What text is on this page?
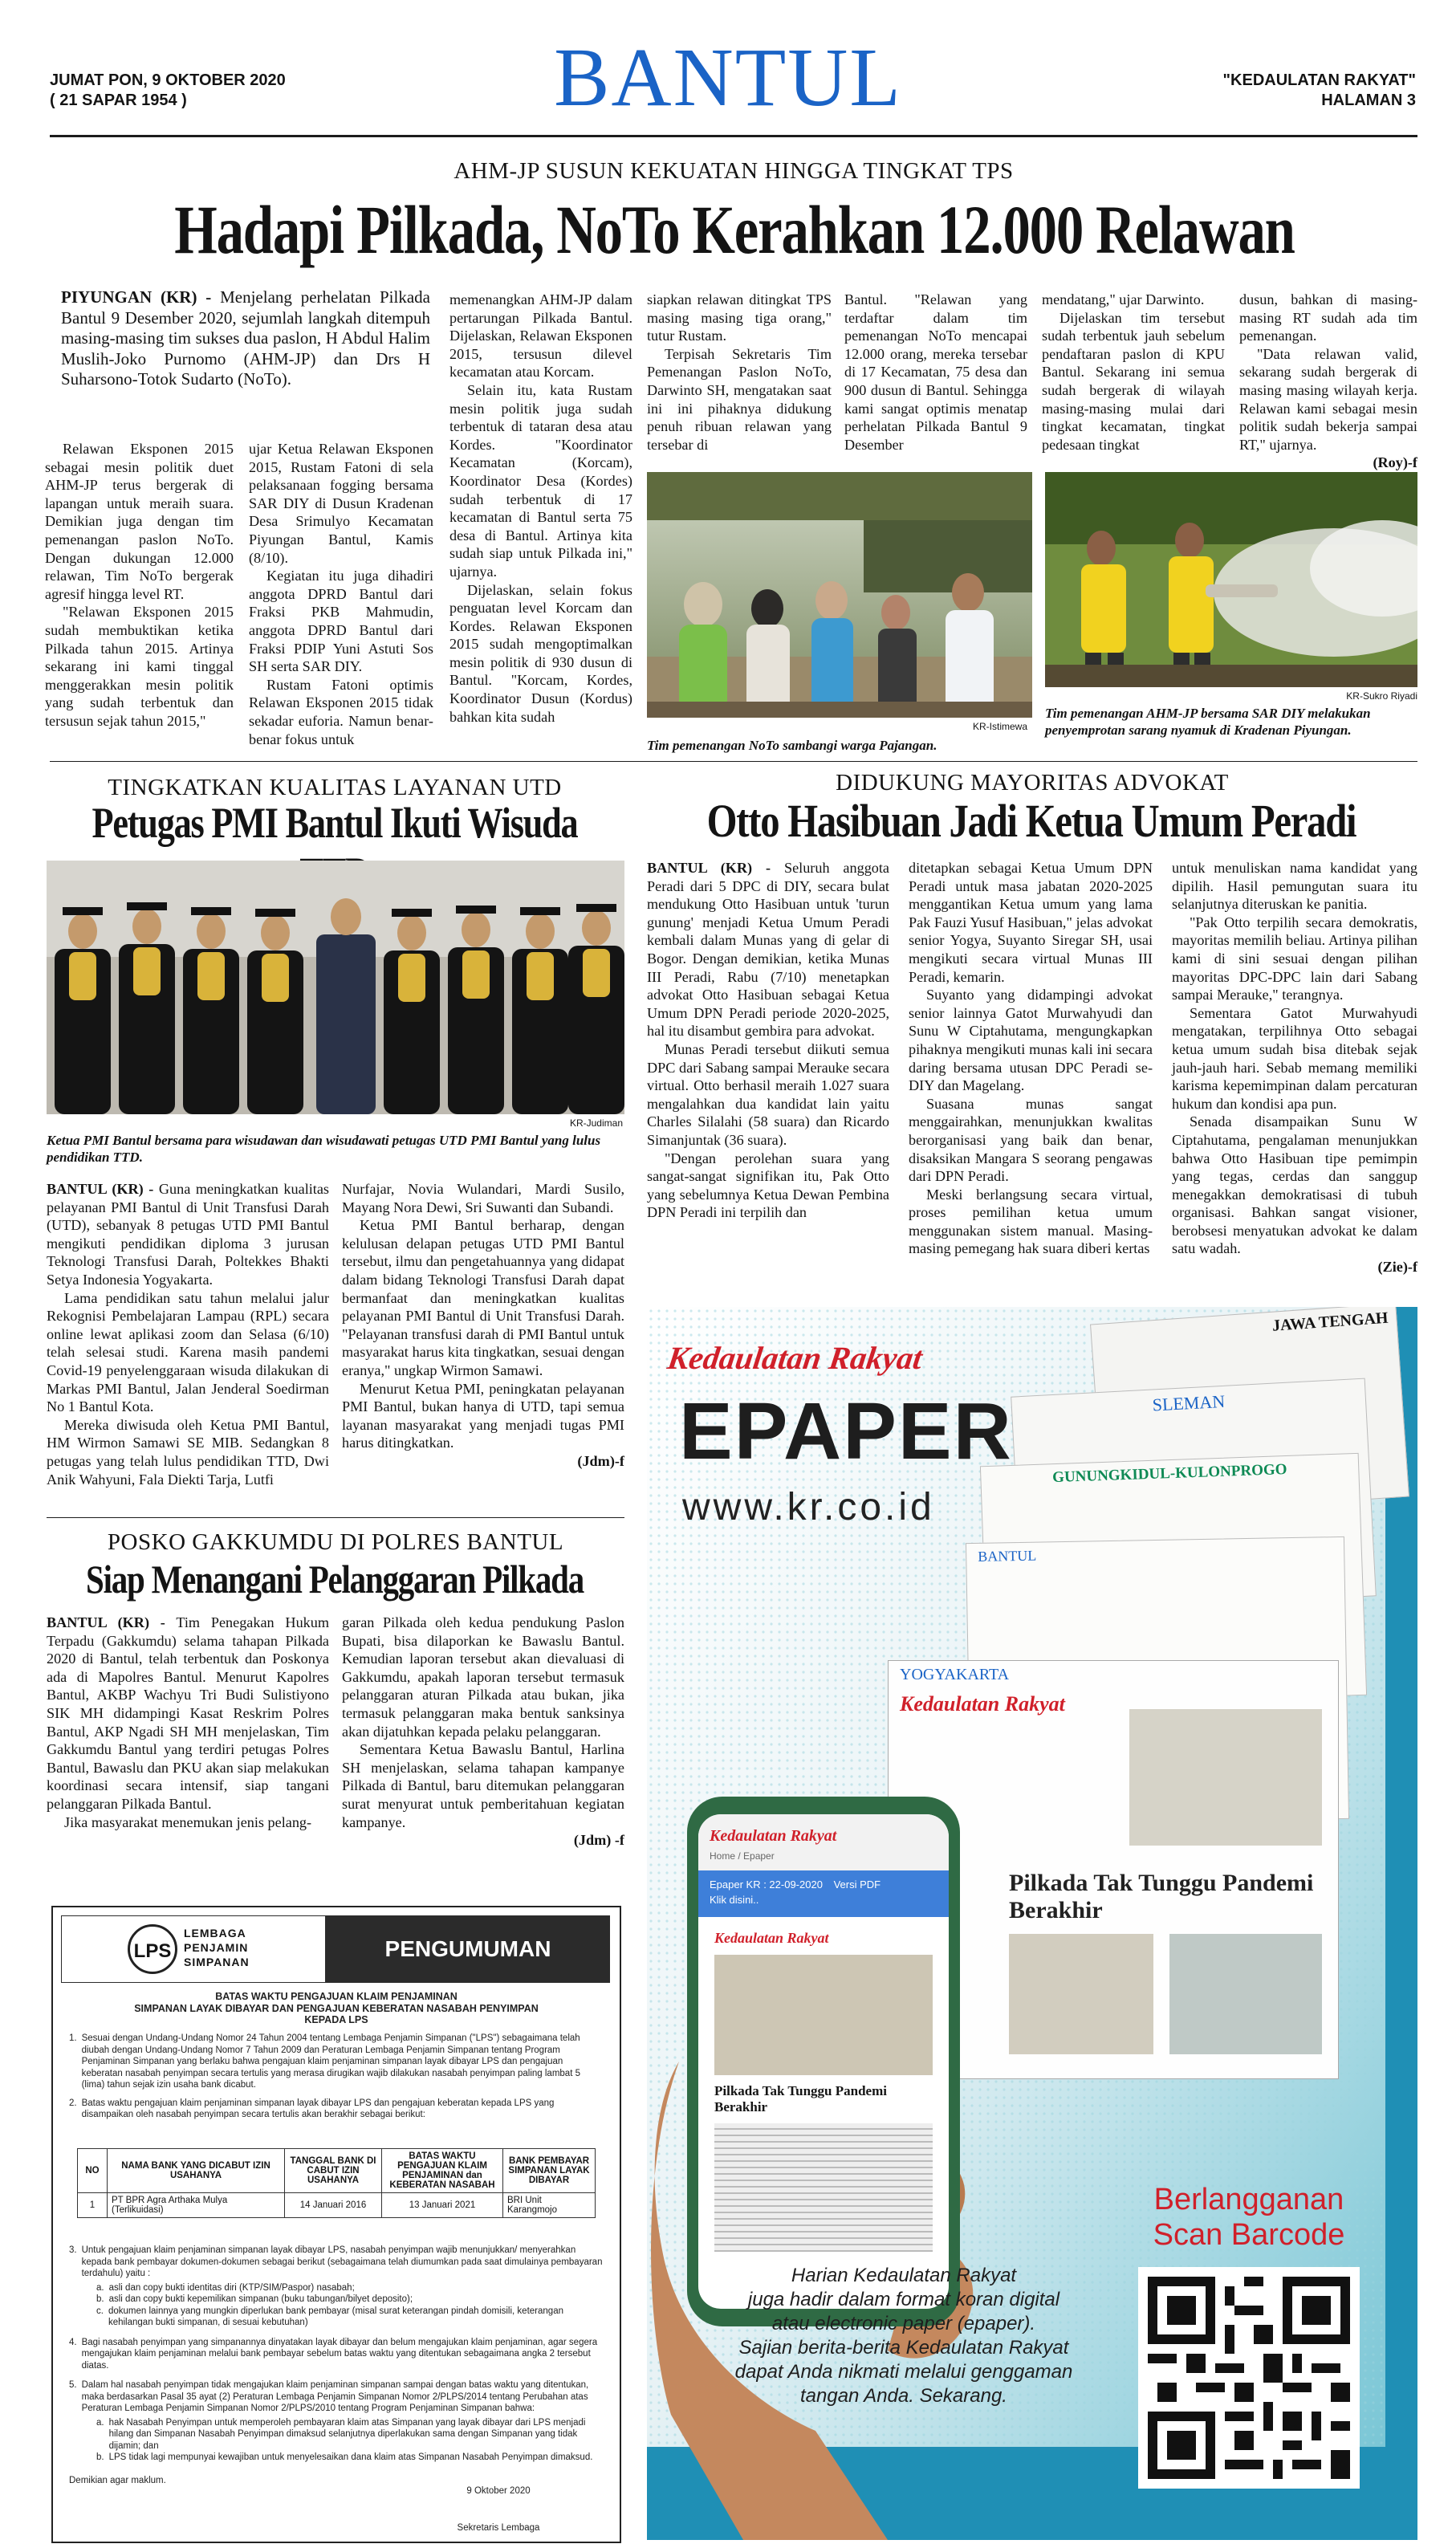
JUMAT PON, 9 OKTOBER 2020
( 21 SAPAR 1954 )	BANTUL	"KEDAULATAN RAKYAT"
HALAMAN 3
AHM-JP SUSUN KEKUATAN HINGGA TINGKAT TPS
Hadapi Pilkada, NoTo Kerahkan 12.000 Relawan
PIYUNGAN (KR) - Menjelang perhelatan Pilkada Bantul 9 Desember 2020, sejumlah langkah ditempuh masing-masing tim sukses dua paslon, H Abdul Halim Muslih-Joko Purnomo (AHM-JP) dan Drs H Suharsono-Totok Sudarto (NoTo).

Relawan Eksponen 2015 sebagai mesin politik duet AHM-JP terus bergerak di lapangan untuk meraih suara. Demikian juga dengan tim pemenangan paslon NoTo. Dengan dukungan 12.000 relawan, Tim NoTo bergerak agresif hingga level RT.

"Relawan Eksponen 2015 sudah membuktikan ketika Pilkada tahun 2015. Artinya sekarang ini kami tinggal menggerakkan mesin politik yang sudah terbentuk dan tersusun sejak tahun 2015,"

ujar Ketua Relawan Eksponen 2015, Rustam Fatoni di sela pelaksanaan fogging bersama SAR DIY di Dusun Kradenan Desa Srimulyo Kecamatan Piyungan Bantul, Kamis (8/10).

Kegiatan itu juga dihadiri anggota DPRD Bantul dari Fraksi PKB Mahmudin, anggota DPRD Bantul dari Fraksi PDIP Yuni Astuti Sos SH serta SAR DIY.

Rustam Fatoni optimis Relawan Eksponen 2015 tidak sekadar euforia. Namun benar-benar fokus untuk

memenangkan AHM-JP dalam pertarungan Pilkada Bantul. Dijelaskan, Relawan Eksponen 2015, tersusun dilevel kecamatan atau Korcam.

Selain itu, kata Rustam mesin politik juga sudah terbentuk di tataran desa atau Kordes. "Koordinator Kecamatan (Korcam), Koordinator Desa (Kordes) sudah terbentuk di 17 kecamatan di Bantul serta 75 desa di Bantul. Artinya kita sudah siap untuk Pilkada ini," ujarnya.

Dijelaskan, selain fokus penguatan level Korcam dan Kordes. Relawan Eksponen 2015 sudah mengoptimalkan mesin politik di 930 dusun di Bantul. "Korcam, Kordes, Koordinator Dusun (Kordus) bahkan kita sudah

siapkan relawan ditingkat TPS masing masing tiga orang," tutur Rustam.

Terpisah Sekretaris Tim Pemenangan Paslon NoTo, Darwinto SH, mengatakan saat ini ini pihaknya didukung penuh ribuan relawan yang tersebar di

Bantul. "Relawan yang terdaftar dalam tim pemenangan NoTo mencapai 12.000 orang, mereka tersebar di 17 Kecamatan, 75 desa dan 900 dusun di Bantul. Sehingga kami sangat optimis menatap perhelatan Pilkada Bantul 9 Desember

mendatang," ujar Darwinto.

Dijelaskan tim tersebut sudah terbentuk jauh sebelum pendaftaran paslon di KPU Bantul. Sekarang ini semua sudah bergerak di wilayah masing-masing mulai dari tingkat kecamatan, tingkat pedesaan tingkat

dusun, bahkan di masing-masing RT sudah ada tim pemenangan.

"Data relawan valid, sekarang sudah bergerak di masing masing wilayah kerja. Relawan kami sebagai mesin politik sudah bekerja sampai RT," ujarnya.

(Roy)-f
KR-Istimewa
Tim pemenangan NoTo sambangi warga Pajangan.
KR-Sukro Riyadi
Tim pemenangan AHM-JP bersama SAR DIY melakukan penyemprotan sarang nyamuk di Kradenan Piyungan.
TINGKATKAN KUALITAS LAYANAN UTD
Petugas PMI Bantul Ikuti Wisuda
KR-Judiman
Ketua PMI Bantul bersama para wisudawan dan wisudawati petugas UTD PMI Bantul yang lulus pendidikan TTD.

BANTUL (KR) - Guna meningkatkan kualitas pelayanan PMI Bantul di Unit Transfusi Darah (UTD), sebanyak 8 petugas UTD PMI Bantul mengikuti pendidikan diploma 3 jurusan Teknologi Transfusi Darah, Poltekkes Bhakti Setya Indonesia Yogyakarta.

Lama pendidikan satu tahun melalui jalur Rekognisi Pembelajaran Lampau (RPL) secara online lewat aplikasi zoom dan Selasa (6/10) telah selesai studi. Karena masih pandemi Covid-19 penyelenggaraan wisuda dilakukan di Markas PMI Bantul, Jalan Jenderal Soedirman No 1 Bantul Kota.

Mereka diwisuda oleh Ketua PMI Bantul, HM Wirmon Samawi SE MIB. Sedangkan 8 petugas yang telah lulus pendidikan TTD, Dwi Anik Wahyuni, Fala Diekti Tarja, Lutfi

Nurfajar, Novia Wulandari, Mardi Susilo, Mayang Nora Dewi, Sri Suwanti dan Subandi.

Ketua PMI Bantul berharap, dengan kelulusan delapan petugas UTD PMI Bantul tersebut, ilmu dan pengetahuannya yang didapat dalam bidang Teknologi Transfusi Darah dapat bermanfaat dan meningkatkan kualitas pelayanan PMI Bantul di Unit Transfusi Darah. "Pelayanan transfusi darah di PMI Bantul untuk masyarakat harus kita tingkatkan, sesuai dengan eranya," ungkap Wirmon Samawi.

Menurut Ketua PMI, peningkatan pelayanan PMI Bantul, bukan hanya di UTD, tapi semua layanan masyarakat yang menjadi tugas PMI harus ditingkatkan.

(Jdm)-f
DIDUKUNG MAYORITAS ADVOKAT
Otto Hasibuan Jadi Ketua Umum Peradi

BANTUL (KR) - Seluruh anggota Peradi dari 5 DPC di DIY, secara bulat mendukung Otto Hasibuan untuk 'turun gunung' menjadi Ketua Umum Peradi kembali dalam Munas yang di gelar di Bogor. Dengan demikian, ketika Munas III Peradi, Rabu (7/10) menetapkan advokat Otto Hasibuan sebagai Ketua Umum DPN Peradi periode 2020-2025, hal itu disambut gembira para advokat.

Munas Peradi tersebut diikuti semua DPC dari Sabang sampai Merauke secara virtual. Otto berhasil meraih 1.027 suara mengalahkan dua kandidat lain yaitu Charles Silalahi (58 suara) dan Ricardo Simanjuntak (36 suara).

"Dengan perolehan suara yang sangat-sangat signifikan itu, Pak Otto yang sebelumnya Ketua Dewan Pembina DPN Peradi ini terpilih dan

ditetapkan sebagai Ketua Umum DPN Peradi untuk masa jabatan 2020-2025 menggantikan Ketua umum yang lama Pak Fauzi Yusuf Hasibuan," jelas advokat senior Yogya, Suyanto Siregar SH, usai mengikuti secara virtual Munas III Peradi, kemarin.

Suyanto yang didampingi advokat senior lainnya Gatot Murwahyudi dan Sunu W Ciptahutama, mengungkapkan pihaknya mengikuti munas kali ini secara daring bersama utusan DPC Peradi se-DIY dan Magelang.

Suasana munas sangat menggairahkan, menunjukkan kwalitas berorganisasi yang baik dan benar, disaksikan Mangara S seorang pengawas dari DPN Peradi.

Meski berlangsung secara virtual, proses pemilihan ketua umum menggunakan sistem manual. Masing-masing pemegang hak suara diberi kertas

untuk menuliskan nama kandidat yang dipilih. Hasil pemungutan suara itu selanjutnya diteruskan ke panitia.

"Pak Otto terpilih secara demokratis, mayoritas memilih beliau. Artinya pilihan kami di sini sesuai dengan pilihan mayoritas DPC-DPC lain dari Sabang sampai Merauke," terangnya.

Sementara Gatot Murwahyudi mengatakan, terpilihnya Otto sebagai ketua umum sudah bisa ditebak sejak jauh-jauh hari. Sebab memang memiliki karisma kepemimpinan dalam percaturan hukum dan kondisi apa pun.

Senada disampaikan Sunu W Ciptahutama, pengalaman menunjukkan bahwa Otto Hasibuan tipe pemimpin yang tegas, cerdas dan sanggup menegakkan demokratisasi di tubuh organisasi. Bahkan sangat visioner, berobsesi menyatukan advokat ke dalam satu wadah.

(Zie)-f
POSKO GAKKUMDU DI POLRES BANTUL
Siap Menangani Pelanggaran Pilkada

BANTUL (KR) - Tim Penegakan Hukum Terpadu (Gakkumdu) selama tahapan Pilkada 2020 di Bantul, telah terbentuk dan Poskonya ada di Mapolres Bantul. Menurut Kapolres Bantul, AKBP Wachyu Tri Budi Sulistiyono SIK MH didampingi Kasat Reskrim Polres Bantul, AKP Ngadi SH MH menjelaskan, Tim Gakkumdu Bantul yang terdiri petugas Polres Bantul, Bawaslu dan PKU akan siap melakukan koordinasi secara intensif, siap tangani pelanggaran Pilkada Bantul.

Jika masyarakat menemukan jenis pelang-

garan Pilkada oleh kedua pendukung Paslon Bupati, bisa dilaporkan ke Bawaslu Bantul. Kemudian laporan tersebut akan dievaluasi di Gakkumdu, apakah laporan tersebut termasuk pelanggaran aturan Pilkada atau bukan, jika termasuk pelanggaran maka bentuk sanksinya akan dijatuhkan kepada pelaku pelanggaran.

Sementara Ketua Bawaslu Bantul, Harlina SH menjelaskan, selama tahapan kampanye Pilkada di Bantul, baru ditemukan pelanggaran surat menyurat untuk pemberitahuan kegiatan kampanye.

(Jdm) -f
LPS
LEMBAGA
PENJAMIN
SIMPANAN
PENGUMUMAN
BATAS WAKTU PENGAJUAN KLAIM PENJAMINAN
SIMPANAN LAYAK DIBAYAR DAN PENGAJUAN KEBERATAN NASABAH PENYIMPAN
KEPADA LPS
1. Sesuai dengan Undang-Undang Nomor 24 Tahun 2004 tentang Lembaga Penjamin Simpanan ("LPS") sebagaimana telah diubah dengan Undang-Undang Nomor 7 Tahun 2009 dan Peraturan Lembaga Penjamin Simpanan tentang Program Penjaminan Simpanan yang berlaku bahwa pengajuan klaim penjaminan simpanan layak dibayar LPS dan pengajuan keberatan nasabah penyimpan secara tertulis yang merasa dirugikan wajib dilakukan nasabah penyimpan paling lambat 5 (lima) tahun sejak izin usaha bank dicabut.
2. Batas waktu pengajuan klaim penjaminan simpanan layak dibayar LPS dan pengajuan keberatan kepada LPS yang disampaikan oleh nasabah penyimpan secara tertulis akan berakhir sebagai berikut:
NO	NAMA BANK YANG DICABUT IZIN USAHANYA	TANGGAL BANK DI CABUT IZIN USAHANYA	BATAS WAKTU PENGAJUAN KLAIM PENJAMINAN dan KEBERATAN NASABAH	BANK PEMBAYAR SIMPANAN LAYAK DIBAYAR
1	PT BPR Agra Arthaka Mulya (Terlikuidasi)	14 Januari 2016	13 Januari 2021	BRI Unit Karangmojo
3. Untuk pengajuan klaim penjaminan simpanan layak dibayar LPS, nasabah penyimpan wajib menunjukkan/ menyerahkan kepada bank pembayar dokumen-dokumen sebagai berikut (sebagaimana telah diumumkan pada saat dimulainya pembayaran terdahulu) yaitu :
a. asli dan copy bukti identitas diri (KTP/SIM/Paspor) nasabah;
b. asli dan copy bukti kepemilikan simpanan (buku tabungan/bilyet deposito);
c. dokumen lainnya yang mungkin diperlukan bank pembayar (misal surat keterangan pindah domisili, keterangan kehilangan bukti simpanan, di sesuai kebutuhan)
4. Bagi nasabah penyimpan yang simpanannya dinyatakan layak dibayar dan belum mengajukan klaim penjaminan, agar segera mengajukan klaim penjaminan melalui bank pembayar sebelum batas waktu yang ditentukan sebagaimana angka 2 tersebut diatas.
5. Dalam hal nasabah penyimpan tidak mengajukan klaim penjaminan simpanan sampai dengan batas waktu yang ditentukan, maka berdasarkan Pasal 35 ayat (2) Peraturan Lembaga Penjamin Simpanan Nomor 2/PLPS/2014 tentang Perubahan atas Peraturan Lembaga Penjamin Simpanan Nomor 2/PLPS/2010 tentang Program Penjaminan Simpanan bahwa:
a. hak Nasabah Penyimpan untuk memperoleh pembayaran klaim atas Simpanan yang layak dibayar dari LPS menjadi hilang dan Simpanan Nasabah Penyimpan dimaksud selanjutnya diperlakukan sama dengan Simpanan yang tidak dijamin; dan
b. LPS tidak lagi mempunyai kewajiban untuk menyelesaikan dana klaim atas Simpanan Nasabah Penyimpan dimaksud.
Demikian agar maklum.
9 Oktober 2020
Sekretaris Lembaga
JAWA TENGAH
SLEMAN
GUNUNGKIDUL-KULONPROGO
BANTUL
YOGYAKARTA
Kedaulatan Rakyat
Pilkada Tak Tunggu Pandemi Berakhir
Kedaulatan Rakyat
EPAPER
www.kr.co.id
Kedaulatan Rakyat
Home / Epaper
Epaper KR : 22-09-2020 Versi PDF
Klik disini..
Kedaulatan Rakyat
Pilkada Tak Tunggu Pandemi Berakhir
Berlangganan
Scan Barcode
Harian Kedaulatan Rakyat
juga hadir dalam format koran digital
atau electronic paper (epaper).
Sajian berita-berita Kedaulatan Rakyat
dapat Anda nikmati melalui genggaman
tangan Anda. Sekarang.
